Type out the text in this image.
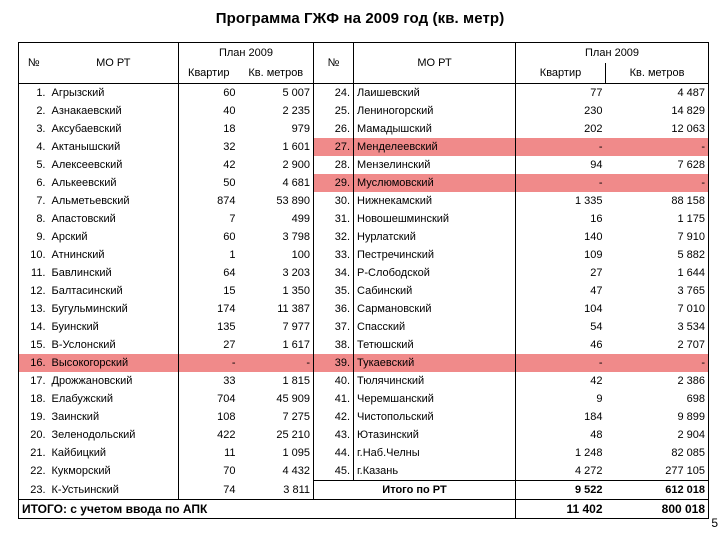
Программа ГЖФ на 2009 год (кв. метр)
№	МО РТ	План 2009		№	МО РТ	План 2009	
		Квартир	Кв. метров			Квартир	Кв. метров
1.	Агрызский	60	5 007	24.	Лаишевский	77	4 487
2.	Азнакаевский	40	2 235	25.	Лениногорский	230	14 829
3.	Аксубаевский	18	979	26.	Мамадышский	202	12 063
4.	Актанышский	32	1 601	27.	Менделеевский	-	-
5.	Алексеевский	42	2 900	28.	Мензелинский	94	7 628
6.	Алькеевский	50	4 681	29.	Муслюмовский	-	-
7.	Альметьевский	874	53 890	30.	Нижнекамский	1 335	88 158
8.	Апастовский	7	499	31.	Новошешминский	16	1 175
9.	Арский	60	3 798	32.	Нурлатский	140	7 910
10.	Атнинский	1	100	33.	Пестречинский	109	5 882
11.	Бавлинский	64	3 203	34.	Р-Слободской	27	1 644
12.	Балтасинский	15	1 350	35.	Сабинский	47	3 765
13.	Бугульминский	174	11 387	36.	Сармановский	104	7 010
14.	Буинский	135	7 977	37.	Спасский	54	3 534
15.	В-Услонский	27	1 617	38.	Тетюшский	46	2 707
16.	Высокогорский	-	-	39.	Тукаевский	-	-
17.	Дрожжановский	33	1 815	40.	Тюлячинский	42	2 386
18.	Елабужский	704	45 909	41.	Черемшанский	9	698
19.	Заинский	108	7 275	42.	Чистопольский	184	9 899
20.	Зеленодольский	422	25 210	43.	Ютазинский	48	2 904
21.	Кайбицкий	11	1 095	44.	г.Наб.Челны	1 248	82 085
22.	Кукморский	70	4 432	45.	г.Казань	4 272	277 105
23.	К-Устьинский	74	3 811	Итого по РТ		9 522	612 018
ИТОГО: с учетом ввода по АПК						11 402	800 018
5
